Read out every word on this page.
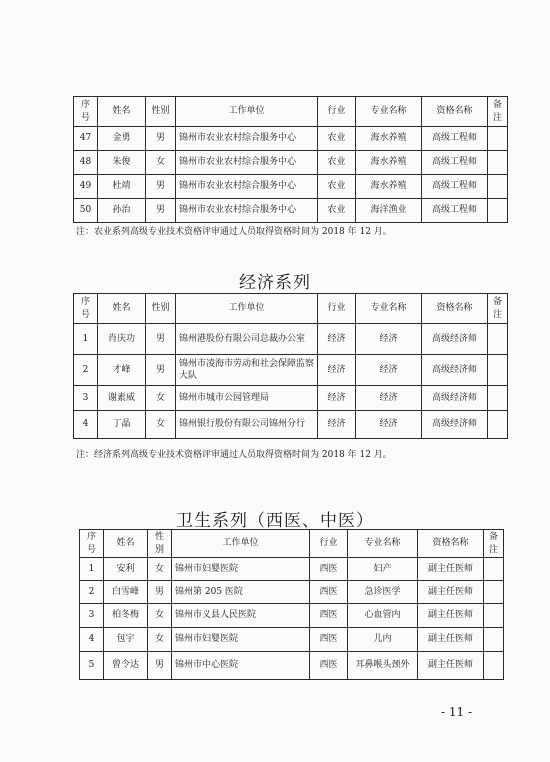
序号	姓名	性别	工作单位	行业	专业名称	资格名称	备注
47	金勇	男	锦州市农业农村综合服务中心	农业	海水养殖	高级工程师	
48	朱俊	女	锦州市农业农村综合服务中心	农业	海水养殖	高级工程师	
49	杜靖	男	锦州市农业农村综合服务中心	农业	海水养殖	高级工程师	
50	孙治	男	锦州市农业农村综合服务中心	农业	海洋渔业	高级工程师	
注：农业系列高级专业技术资格评审通过人员取得资格时间为 2018 年 12 月。
经济系列
序号	姓名	性别	工作单位	行业	专业名称	资格名称	备注
1	肖庆功	男	锦州港股份有限公司总裁办公室	经济	经济	高级经济师	
2	才峰	男	锦州市凌海市劳动和社会保障监察大队	经济	经济	高级经济师	
3	谢素威	女	锦州市城市公园管理局	经济	经济	高级经济师	
4	丁晶	女	锦州银行股份有限公司锦州分行	经济	经济	高级经济师	
注：经济系列高级专业技术资格评审通过人员取得资格时间为 2018 年 12 月。
卫生系列（西医、中医）
序号	姓名	性别	工作单位	行业	专业名称	资格名称	备注
1	安利	女	锦州市妇婴医院	西医	妇产	副主任医师	
2	白雪峰	男	锦州第 205 医院	西医	急诊医学	副主任医师	
3	柏冬梅	女	锦州市义县人民医院	西医	心血管内	副主任医师	
4	包宇	女	锦州市妇婴医院	西医	儿内	副主任医师	
5	曾令达	男	锦州市中心医院	西医	耳鼻喉头颈外	副主任医师	
- 11 -
